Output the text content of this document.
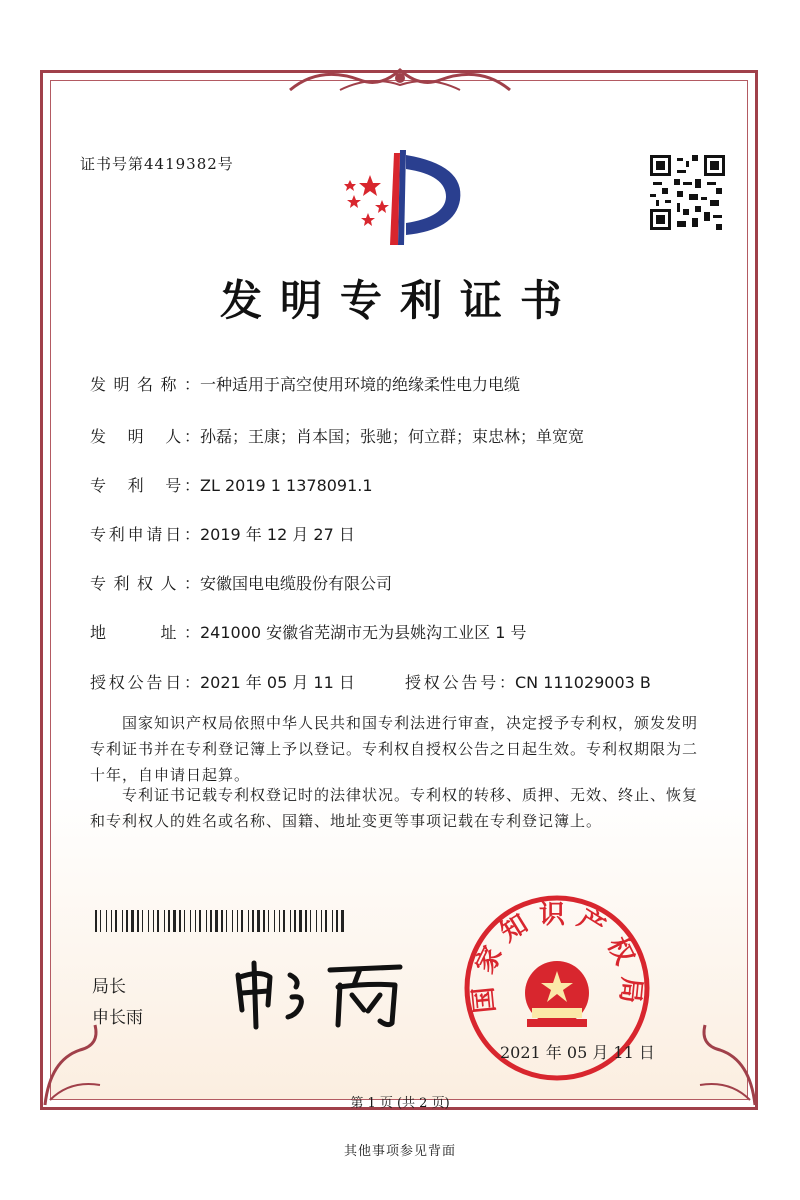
证书号第4419382号
发明专利证书
发明名称：一种适用于高空使用环境的绝缘柔性电力电缆
发　明　人：孙磊；王康；肖本国；张驰；何立群；束忠林；单宽宽
专　利　号：ZL 2019 1 1378091.1
专利申请日：2019 年 12 月 27 日
专利权人：安徽国电电缆股份有限公司
地　　址：241000 安徽省芜湖市无为县姚沟工业区 1 号
授权公告日：2021 年 05 月 11 日	授权公告号：CN 111029003 B
国家知识产权局依照中华人民共和国专利法进行审查，决定授予专利权，颁发发明专利证书并在专利登记簿上予以登记。专利权自授权公告之日起生效。专利权期限为二十年，自申请日起算。
专利证书记载专利权登记时的法律状况。专利权的转移、质押、无效、终止、恢复和专利权人的姓名或名称、国籍、地址变更等事项记载在专利登记簿上。
局长
申长雨
国家知识产权局
2021 年 05 月 11 日
第 1 页 (共 2 页)
其他事项参见背面
